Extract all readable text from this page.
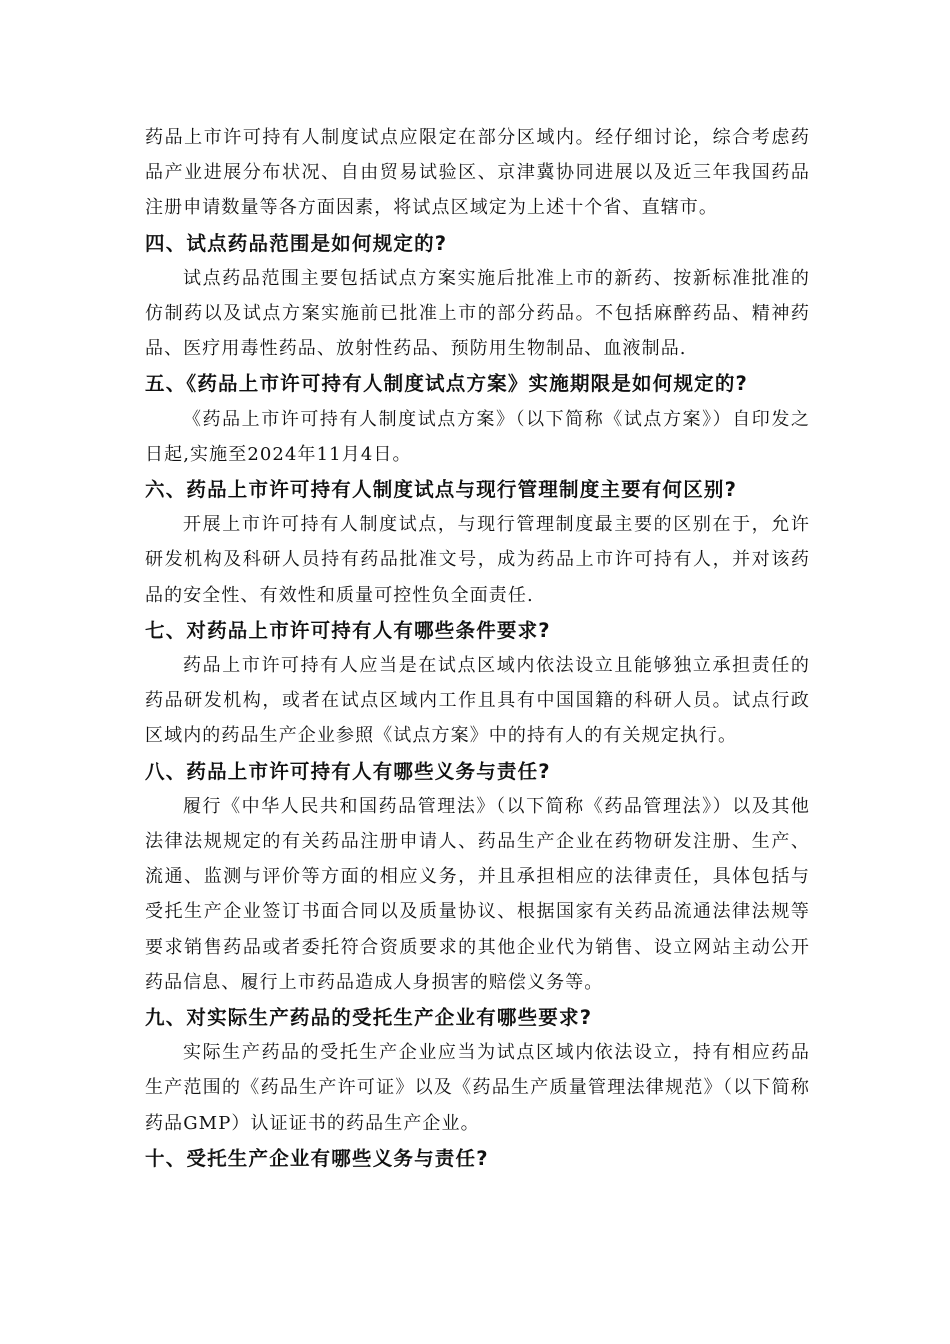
药品上市许可持有人制度试点应限定在部分区域内。经仔细讨论，综合考虑药品产业进展分布状况、自由贸易试验区、京津冀协同进展以及近三年我国药品注册申请数量等各方面因素，将试点区域定为上述十个省、直辖市。

四、试点药品范围是如何规定的?

试点药品范围主要包括试点方案实施后批准上市的新药、按新标准批准的仿制药以及试点方案实施前已批准上市的部分药品。不包括麻醉药品、精神药品、医疗用毒性药品、放射性药品、预防用生物制品、血液制品.

五、《药品上市许可持有人制度试点方案》实施期限是如何规定的?

《药品上市许可持有人制度试点方案》（以下简称《试点方案》）自印发之日起,实施至2024年11月4日。

六、药品上市许可持有人制度试点与现行管理制度主要有何区别?

开展上市许可持有人制度试点，与现行管理制度最主要的区别在于，允许研发机构及科研人员持有药品批准文号，成为药品上市许可持有人，并对该药品的安全性、有效性和质量可控性负全面责任.

七、对药品上市许可持有人有哪些条件要求?

药品上市许可持有人应当是在试点区域内依法设立且能够独立承担责任的药品研发机构，或者在试点区域内工作且具有中国国籍的科研人员。试点行政区域内的药品生产企业参照《试点方案》中的持有人的有关规定执行。

八、药品上市许可持有人有哪些义务与责任?

履行《中华人民共和国药品管理法》（以下简称《药品管理法》）以及其他法律法规规定的有关药品注册申请人、药品生产企业在药物研发注册、生产、流通、监测与评价等方面的相应义务，并且承担相应的法律责任，具体包括与受托生产企业签订书面合同以及质量协议、根据国家有关药品流通法律法规等要求销售药品或者委托符合资质要求的其他企业代为销售、设立网站主动公开药品信息、履行上市药品造成人身损害的赔偿义务等。

九、对实际生产药品的受托生产企业有哪些要求?

实际生产药品的受托生产企业应当为试点区域内依法设立，持有相应药品生产范围的《药品生产许可证》以及《药品生产质量管理法律规范》（以下简称药品GMP）认证证书的药品生产企业。

十、受托生产企业有哪些义务与责任?
